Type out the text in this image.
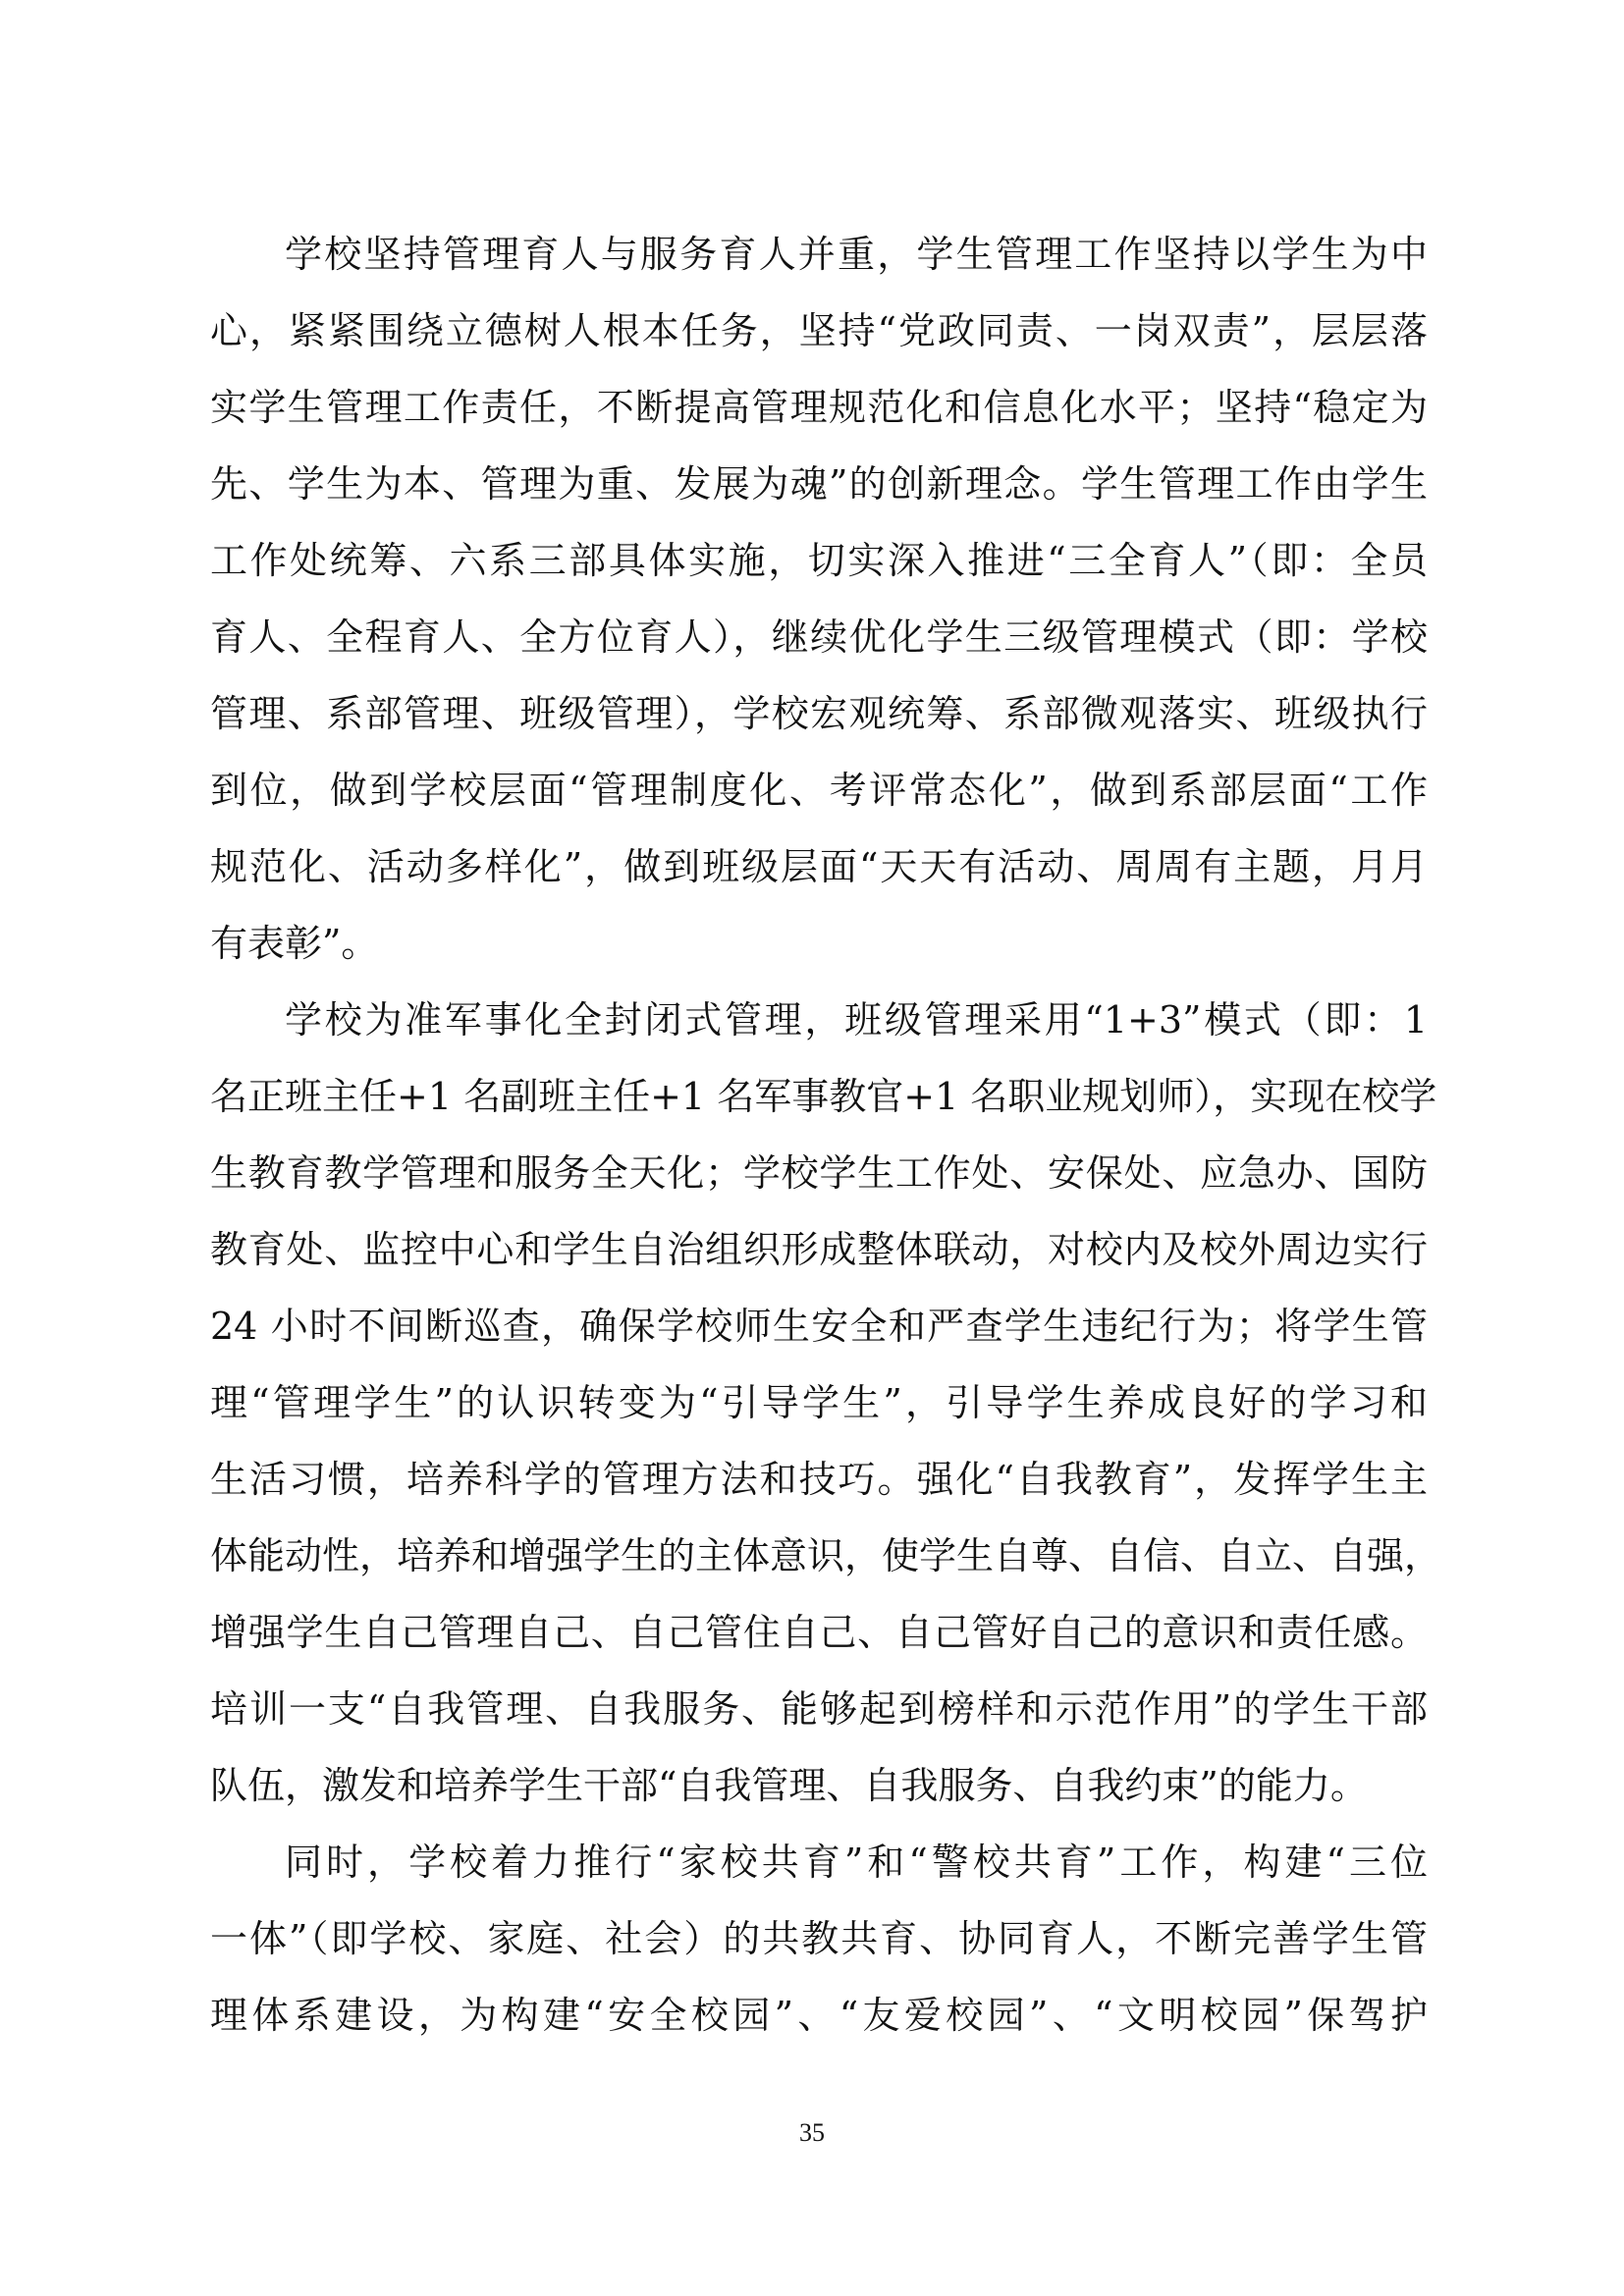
学校坚持管理育人与服务育人并重，学生管理工作坚持以学生为中
心，紧紧围绕立德树人根本任务，坚持“党政同责、一岗双责”，层层落
实学生管理工作责任，不断提高管理规范化和信息化水平；坚持“稳定为
先、学生为本、管理为重、发展为魂”的创新理念。学生管理工作由学生
工作处统筹、六系三部具体实施，切实深入推进“三全育人”（即：全员
育人、全程育人、全方位育人），继续优化学生三级管理模式（即：学校
管理、系部管理、班级管理），学校宏观统筹、系部微观落实、班级执行
到位，做到学校层面“管理制度化、考评常态化”，做到系部层面“工作
规范化、活动多样化”，做到班级层面“天天有活动、周周有主题，月月
有表彰”。
学校为准军事化全封闭式管理，班级管理采用“1+3”模式（即：1
名正班主任+1 名副班主任+1 名军事教官+1 名职业规划师），实现在校学
生教育教学管理和服务全天化；学校学生工作处、安保处、应急办、国防
教育处、监控中心和学生自治组织形成整体联动，对校内及校外周边实行
24 小时不间断巡查，确保学校师生安全和严查学生违纪行为；将学生管
理“管理学生”的认识转变为“引导学生”，引导学生养成良好的学习和
生活习惯，培养科学的管理方法和技巧。强化“自我教育”，发挥学生主
体能动性，培养和增强学生的主体意识，使学生自尊、自信、自立、自强，
增强学生自己管理自己、自己管住自己、自己管好自己的意识和责任感。
培训一支“自我管理、自我服务、能够起到榜样和示范作用”的学生干部
队伍，激发和培养学生干部“自我管理、自我服务、自我约束”的能力。
同时，学校着力推行“家校共育”和“警校共育”工作，构建“三位
一体”（即学校、家庭、社会）的共教共育、协同育人，不断完善学生管
理体系建设，为构建“安全校园”、“友爱校园”、“文明校园”保驾护
35
